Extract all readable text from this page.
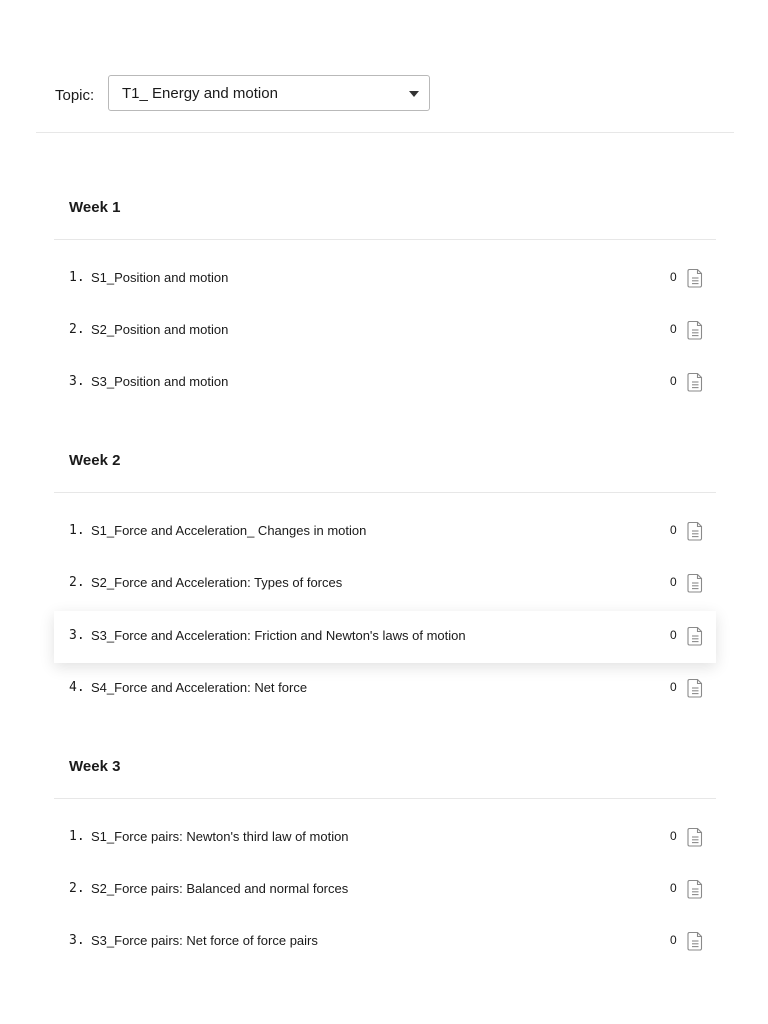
Topic: T1_ Energy and motion
Week 1
1. S1_Position and motion	0
2. S2_Position and motion	0
3. S3_Position and motion	0
Week 2
1. S1_Force and Acceleration_ Changes in motion	0
2. S2_Force and Acceleration: Types of forces	0
3. S3_Force and Acceleration: Friction and Newton's laws of motion	0
4. S4_Force and Acceleration: Net force	0
Week 3
1. S1_Force pairs: Newton's third law of motion	0
2. S2_Force pairs: Balanced and normal forces	0
3. S3_Force pairs: Net force of force pairs	0
